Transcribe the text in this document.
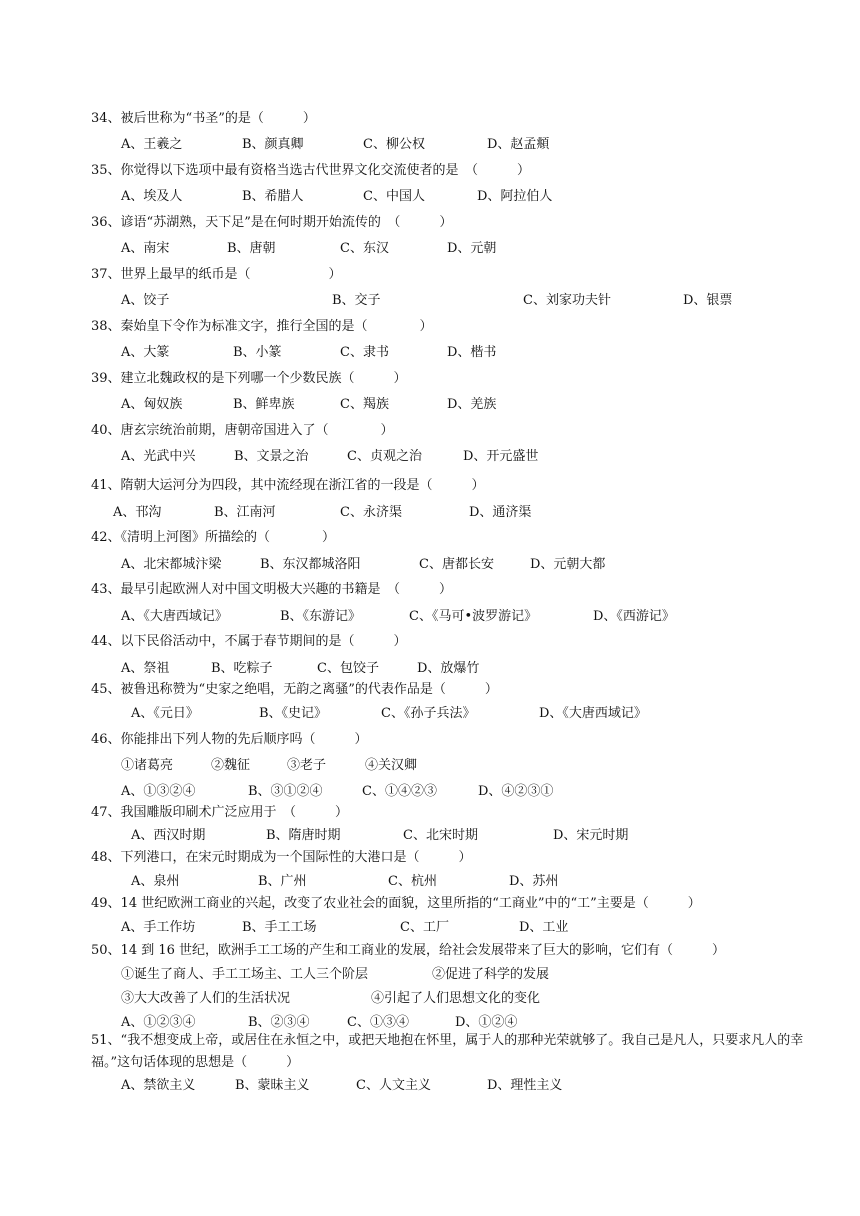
34、被后世称为“书圣”的是（　　　）
A、王羲之	B、颜真卿	C、柳公权	D、赵孟頫
35、你觉得以下选项中最有资格当选古代世界文化交流使者的是　（　　　）
A、埃及人	B、希腊人	C、中国人	D、阿拉伯人
36、谚语“苏湖熟，天下足”是在何时期开始流传的　（　　　）
A、南宋	B、唐朝	C、东汉	D、元朝
37、世界上最早的纸币是（　　　　　　）
A、饺子	B、交子	C、刘家功夫针	D、银票
38、秦始皇下令作为标准文字，推行全国的是（　　　　）
A、大篆	B、小篆	C、隶书	D、楷书
39、建立北魏政权的是下列哪一个少数民族（　　　）
A、匈奴族	B、鲜卑族	C、羯族	D、羌族
40、唐玄宗统治前期，唐朝帝国进入了（　　　　）
A、光武中兴	B、文景之治	C、贞观之治	D、开元盛世
41、隋朝大运河分为四段，其中流经现在浙江省的一段是（　　　）
A、邗沟	B、江南河	C、永济渠	D、通济渠
42、《清明上河图》所描绘的（　　　　）
A、北宋都城汴梁	B、东汉都城洛阳	C、唐都长安	D、元朝大都
43、最早引起欧洲人对中国文明极大兴趣的书籍是　（　　　）
A、《大唐西域记》	B、《东游记》	C、《马可•波罗游记》	D、《西游记》
44、以下民俗活动中，不属于春节期间的是（　　　）
A、祭祖	B、吃粽子	C、包饺子	D、放爆竹
45、被鲁迅称赞为“史家之绝唱，无韵之离骚”的代表作品是（　　　）
A、《元日》	B、《史记》	C、《孙子兵法》	D、《大唐西域记》
46、你能排出下列人物的先后顺序吗（　　　）
①诸葛亮	②魏征	③老子	④关汉卿
A、①③②④	B、③①②④	C、①④②③	D、④②③①
47、我国雕版印刷术广泛应用于　（　　　）
A、西汉时期	B、隋唐时期	C、北宋时期	D、宋元时期
48、下列港口，在宋元时期成为一个国际性的大港口是（　　　）
A、泉州	B、广州	C、杭州	D、苏州
49、14 世纪欧洲工商业的兴起，改变了农业社会的面貌，这里所指的“工商业”中的“工”主要是（　　　）
A、手工作坊	B、手工工场	C、工厂	D、工业
50、14 到 16 世纪，欧洲手工工场的产生和工商业的发展，给社会发展带来了巨大的影响，它们有（　　　）
①诞生了商人、手工工场主、工人三个阶层	②促进了科学的发展
③大大改善了人们的生活状况	④引起了人们思想文化的变化
A、①②③④	B、②③④	C、①③④	D、①②④
51、“我不想变成上帝，或居住在永恒之中，或把天地抱在怀里，属于人的那种光荣就够了。我自己是凡人，只要求凡人的幸福。”这句话体现的思想是（　　　）
A、禁欲主义	B、蒙昧主义	C、人文主义	D、理性主义
